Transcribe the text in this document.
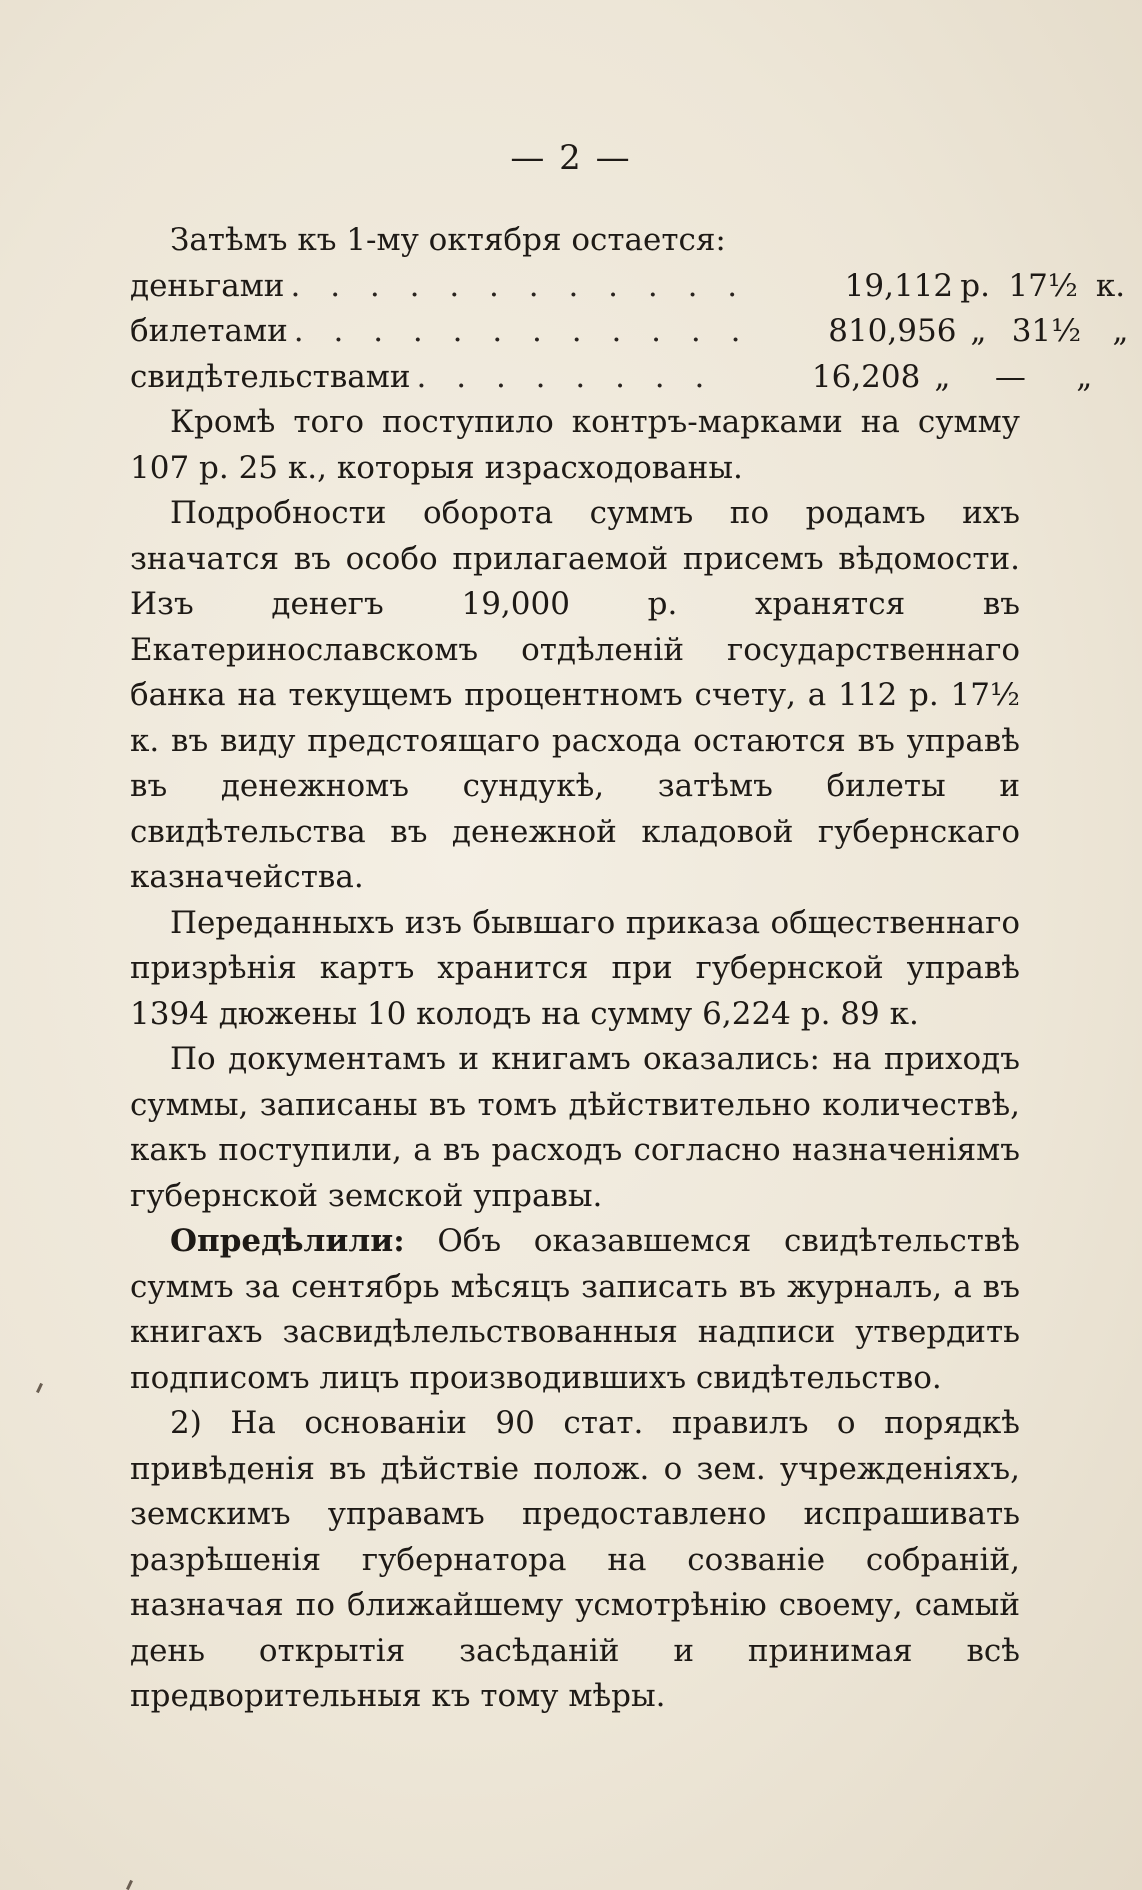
— 2 —

Затѣмъ къ 1-му октября остается:

деньгами . . . . . . . . . . . .	19,112 р. 17½ к.
билетами . . . . . . . . . . . .	810,956 „ 31½	„
свидѣтельствами . . . . . . . .	16,208 „	—	„

Кромѣ того поступило контръ-марками на сумму 107 р. 25 к., которыя израсходованы.

Подробности оборота суммъ по родамъ ихъ значатся въ особо прилагаемой присемъ вѣдомости. Изъ денегъ 19,000 р. хранятся въ Екатеринославскомъ отдѣленiй государственнаго банка на текущемъ процентномъ счету, а 112 р. 17½ к. въ виду предстоящаго расхода остаются въ управѣ въ денежномъ сундукѣ, затѣмъ билеты и свидѣтельства въ денежной кладовой губернскаго казначейства.

Переданныхъ изъ бывшаго приказа общественнаго призрѣнія картъ хранится при губернской управѣ 1394 дюжены 10 колодъ на сумму 6,224 р. 89 к.

По документамъ и книгамъ оказались: на приходъ суммы, записаны въ томъ дѣйствительно количествѣ, какъ поступили, а въ расходъ согласно назначенiямъ губернской земской управы.

Опредѣлили: Объ оказавшемся свидѣтельствѣ суммъ за сентябрь мѣсяцъ записать въ журналъ, а въ книгахъ засвидѣлельствованныя надписи утвердить подписомъ лицъ производившихъ свидѣтельство.

2) На основанiи 90 стат. правилъ о порядкѣ привѣденія въ дѣйствiе полож. о зем. учрежденiяхъ, земскимъ управамъ предоставлено испрашивать разрѣшенія губернатора на созванiе собранiй, назначая по ближайшему усмотрѣнiю своему, самый день открытiя засѣданiй и принимая всѣ предворительныя къ тому мѣры.
